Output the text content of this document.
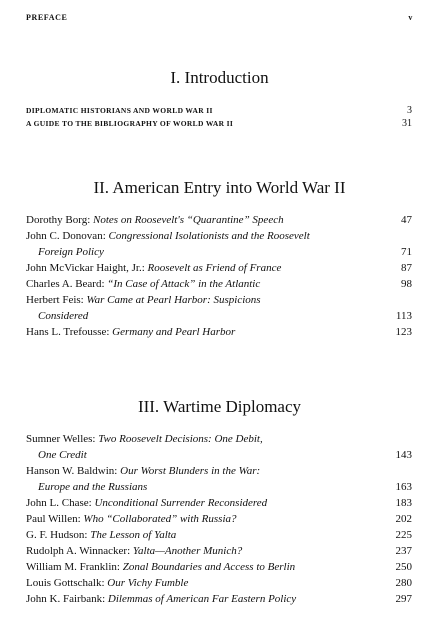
PREFACE	v
I. Introduction
DIPLOMATIC HISTORIANS AND WORLD WAR II	3
A GUIDE TO THE BIBLIOGRAPHY OF WORLD WAR II	31
II. American Entry into World War II
Dorothy Borg: Notes on Roosevelt's “Quarantine” Speech	47
John C. Donovan: Congressional Isolationists and the Roosevelt
Foreign Policy	71
John McVickar Haight, Jr.: Roosevelt as Friend of France	87
Charles A. Beard: “In Case of Attack” in the Atlantic	98
Herbert Feis: War Came at Pearl Harbor: Suspicions
Considered	113
Hans L. Trefousse: Germany and Pearl Harbor	123
III. Wartime Diplomacy
Sumner Welles: Two Roosevelt Decisions: One Debit,
One Credit	143
Hanson W. Baldwin: Our Worst Blunders in the War:
Europe and the Russians	163
John L. Chase: Unconditional Surrender Reconsidered	183
Paul Willen: Who “Collaborated” with Russia?	202
G. F. Hudson: The Lesson of Yalta	225
Rudolph A. Winnacker: Yalta—Another Munich?	237
William M. Franklin: Zonal Boundaries and Access to Berlin	250
Louis Gottschalk: Our Vichy Fumble	280
John K. Fairbank: Dilemmas of American Far Eastern Policy	297
